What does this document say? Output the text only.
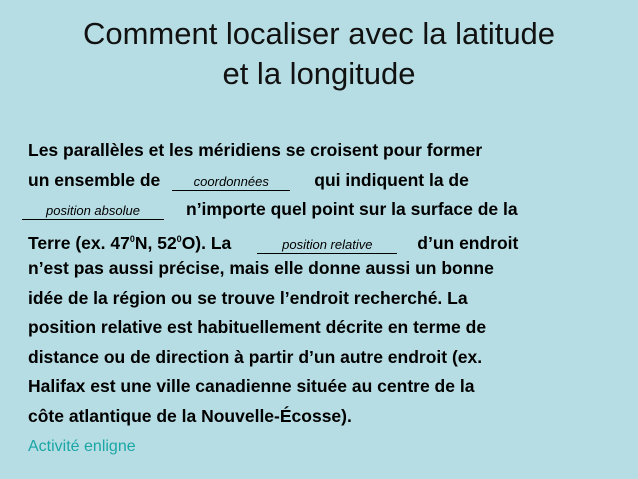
Comment localiser avec la latitude
et la longitude
Les parallèles et les méridiens se croisent pour former
un ensemble de	coordonnées	qui indiquent la de
position absolue	n’importe quel point sur la surface de la
Terre (ex. $47^0N$, $52^0O$). La	position relative	d’un endroit
n’est pas aussi précise, mais elle donne aussi un bonne
idée de la région ou se trouve l’endroit recherché. La
position relative est habituellement décrite en terme de
distance ou de direction à partir d’un autre endroit (ex.
Halifax est une ville canadienne située au centre de la
côte atlantique de la Nouvelle-Écosse).
Activité enligne
